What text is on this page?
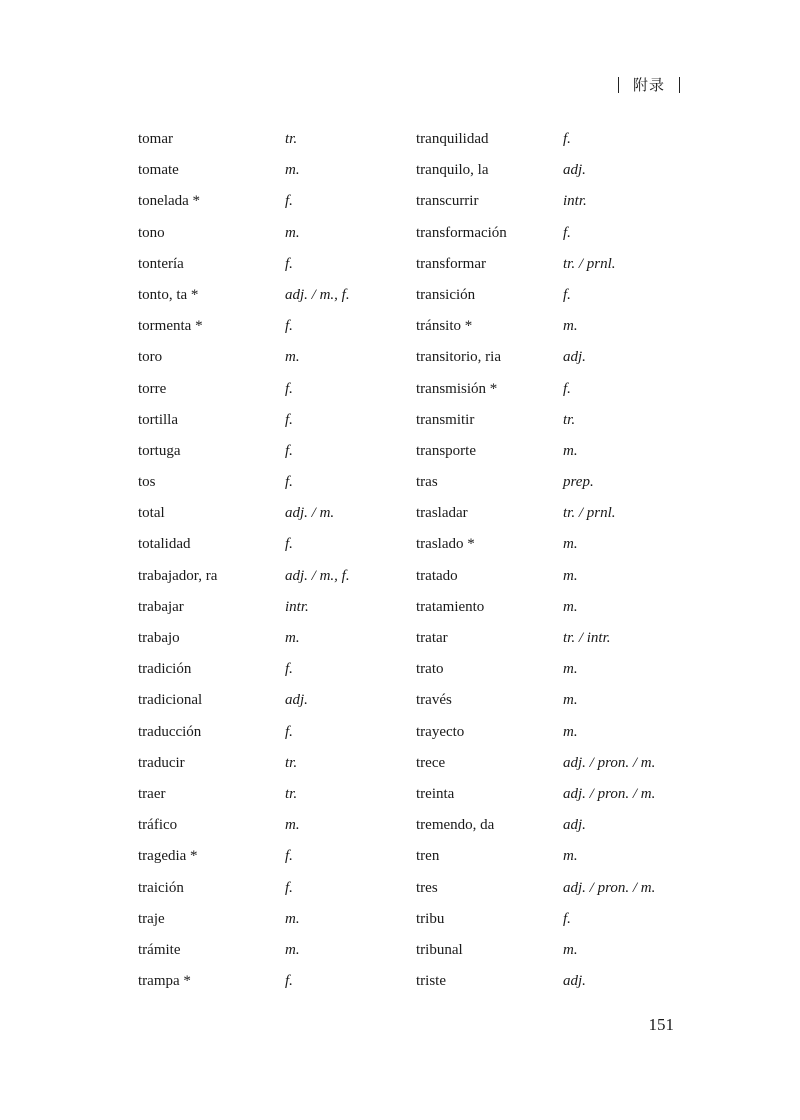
附录
tomar	tr.
tomate	m.
tonelada *	f.
tono	m.
tontería	f.
tonto, ta *	adj. / m., f.
tormenta *	f.
toro	m.
torre	f.
tortilla	f.
tortuga	f.
tos	f.
total	adj. / m.
totalidad	f.
trabajador, ra	adj. / m., f.
trabajar	intr.
trabajo	m.
tradición	f.
tradicional	adj.
traducción	f.
traducir	tr.
traer	tr.
tráfico	m.
tragedia *	f.
traición	f.
traje	m.
trámite	m.
trampa *	f.
tranquilidad	f.
tranquilo, la	adj.
transcurrir	intr.
transformación	f.
transformar	tr. / prnl.
transición	f.
tránsito *	m.
transitorio, ria	adj.
transmisión *	f.
transmitir	tr.
transporte	m.
tras	prep.
trasladar	tr. / prnl.
traslado *	m.
tratado	m.
tratamiento	m.
tratar	tr. / intr.
trato	m.
través	m.
trayecto	m.
trece	adj. / pron. / m.
treinta	adj. / pron. / m.
tremendo, da	adj.
tren	m.
tres	adj. / pron. / m.
tribu	f.
tribunal	m.
triste	adj.
151
